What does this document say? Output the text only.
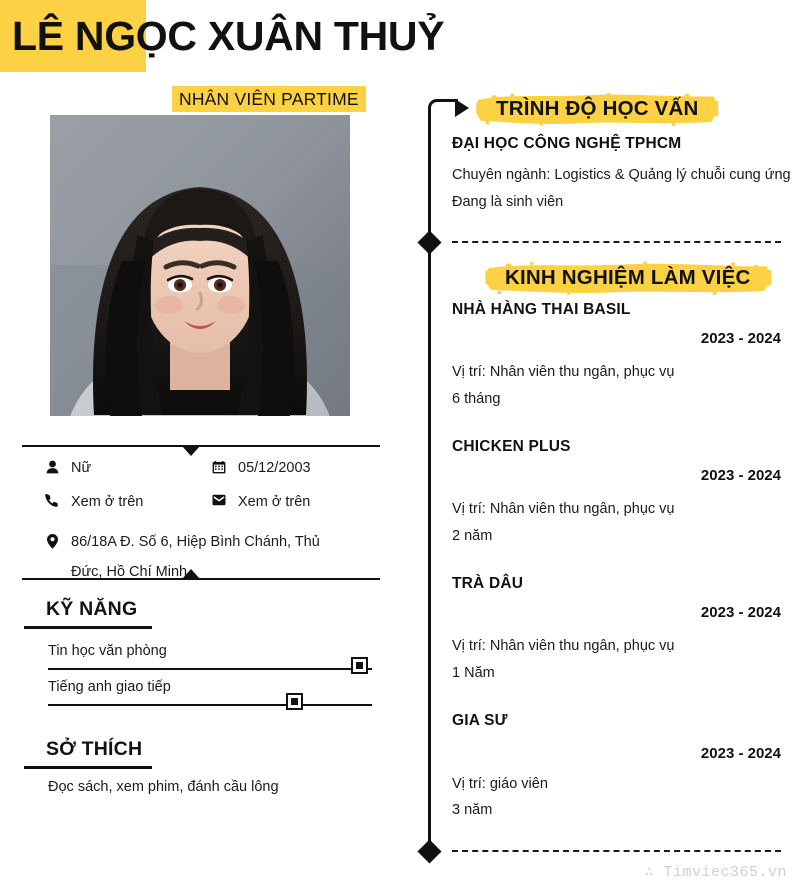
LÊ NGỌC XUÂN THUỶ
NHÂN VIÊN PARTIME
Nữ	05/12/2003
Xem ở trên	Xem ở trên
86/18A Đ. Số 6, Hiệp Bình Chánh, Thủ Đức, Hồ Chí Minh
KỸ NĂNG
Tin học văn phòng
Tiếng anh giao tiếp
SỞ THÍCH
Đọc sách, xem phim, đánh cầu lông
TRÌNH ĐỘ HỌC VẤN
ĐẠI HỌC CÔNG NGHỆ TPHCM
Chuyên ngành: Logistics & Quảng lý chuỗi cung ứng
Đang là sinh viên
KINH NGHIỆM LÀM VIỆC
NHÀ HÀNG THAI BASIL
2023 - 2024
Vị trí: Nhân viên thu ngân, phục vụ
6 tháng
CHICKEN PLUS
2023 - 2024
Vị trí: Nhân viên thu ngân, phục vụ
2 năm
TRÀ DÂU
2023 - 2024
Vị trí: Nhân viên thu ngân, phục vụ
1 Năm
GIA SƯ
2023 - 2024
Vị trí: giáo viên
3 năm
∴ Timviec365.vn
